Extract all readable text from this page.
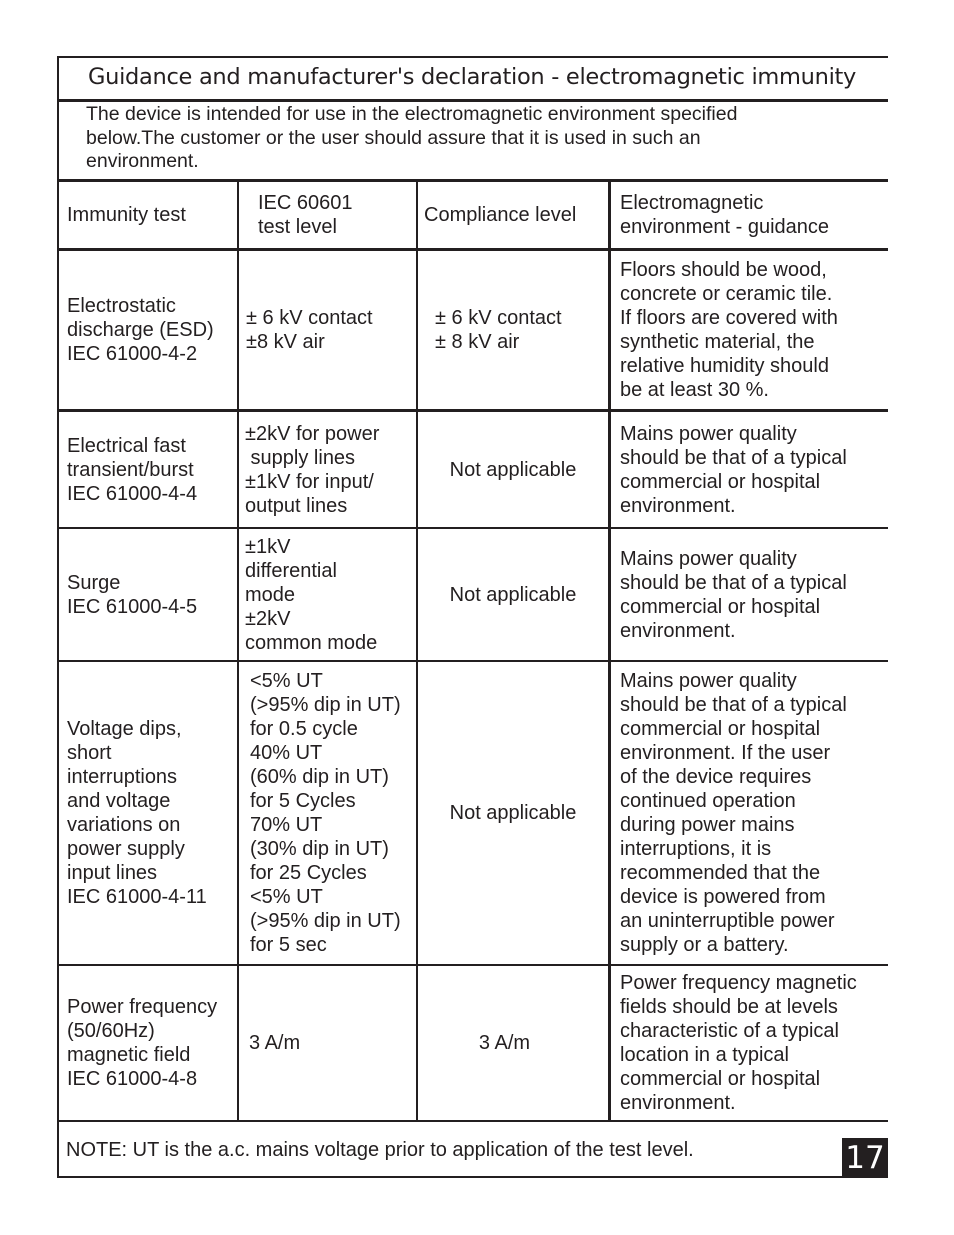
Guidance and manufacturer's declaration - electromagnetic immunity
The device is intended for use in the electromagnetic environment specified
below.The customer or the user should assure that it is used in such an
environment.
Immunity test
IEC 60601
test level
Compliance level
Electromagnetic
environment - guidance
Electrostatic
discharge (ESD)
IEC 61000-4-2
± 6 kV contact
±8 kV air
± 6 kV contact
± 8 kV air
Floors should be wood,
concrete or ceramic tile.
If floors are covered with
synthetic material, the
relative humidity should
be at least 30 %.
Electrical fast
transient/burst
IEC 61000-4-4
±2kV for power
supply lines
±1kV for input/
output lines
Not applicable
Mains power quality
should be that of a typical
commercial or hospital
environment.
Surge
IEC 61000-4-5
±1kV
differential
mode
±2kV
common mode
Not applicable
Mains power quality
should be that of a typical
commercial or hospital
environment.
Voltage dips,
short
interruptions
and voltage
variations on
power supply
input lines
IEC 61000-4-11
<5% UT
(>95% dip in UT)
for 0.5 cycle
40% UT
(60% dip in UT)
for 5 Cycles
70% UT
(30% dip in UT)
for 25 Cycles
<5% UT
(>95% dip in UT)
for 5 sec
Not applicable
Mains power quality
should be that of a typical
commercial or hospital
environment. If the user
of the device requires
continued operation
during power mains
interruptions, it is
recommended that the
device is powered from
an uninterruptible power
supply or a battery.
Power frequency
(50/60Hz)
magnetic field
IEC 61000-4-8
3 A/m	3 A/m
Power frequency magnetic
fields should be at levels
characteristic of a typical
location in a typical
commercial or hospital
environment.
NOTE: UT is the a.c. mains voltage prior to application of the test level.	17
